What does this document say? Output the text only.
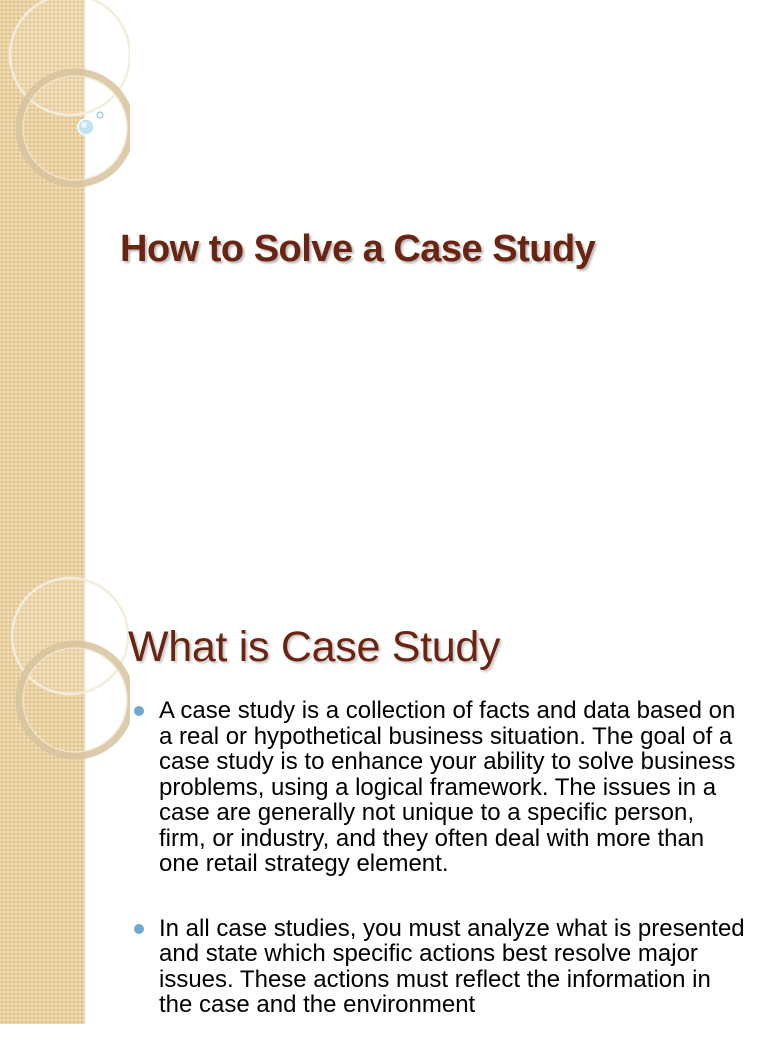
How to Solve a Case Study
What is Case Study
A case study is a collection of facts and data based on a real or hypothetical business situation. The goal of a case study is to enhance your ability to solve business problems, using a logical framework. The issues in a case are generally not unique to a specific person, firm, or industry, and they often deal with more than one retail strategy element.
In all case studies, you must analyze what is presented and state which specific actions best resolve major issues. These actions must reflect the information in the case and the environment
